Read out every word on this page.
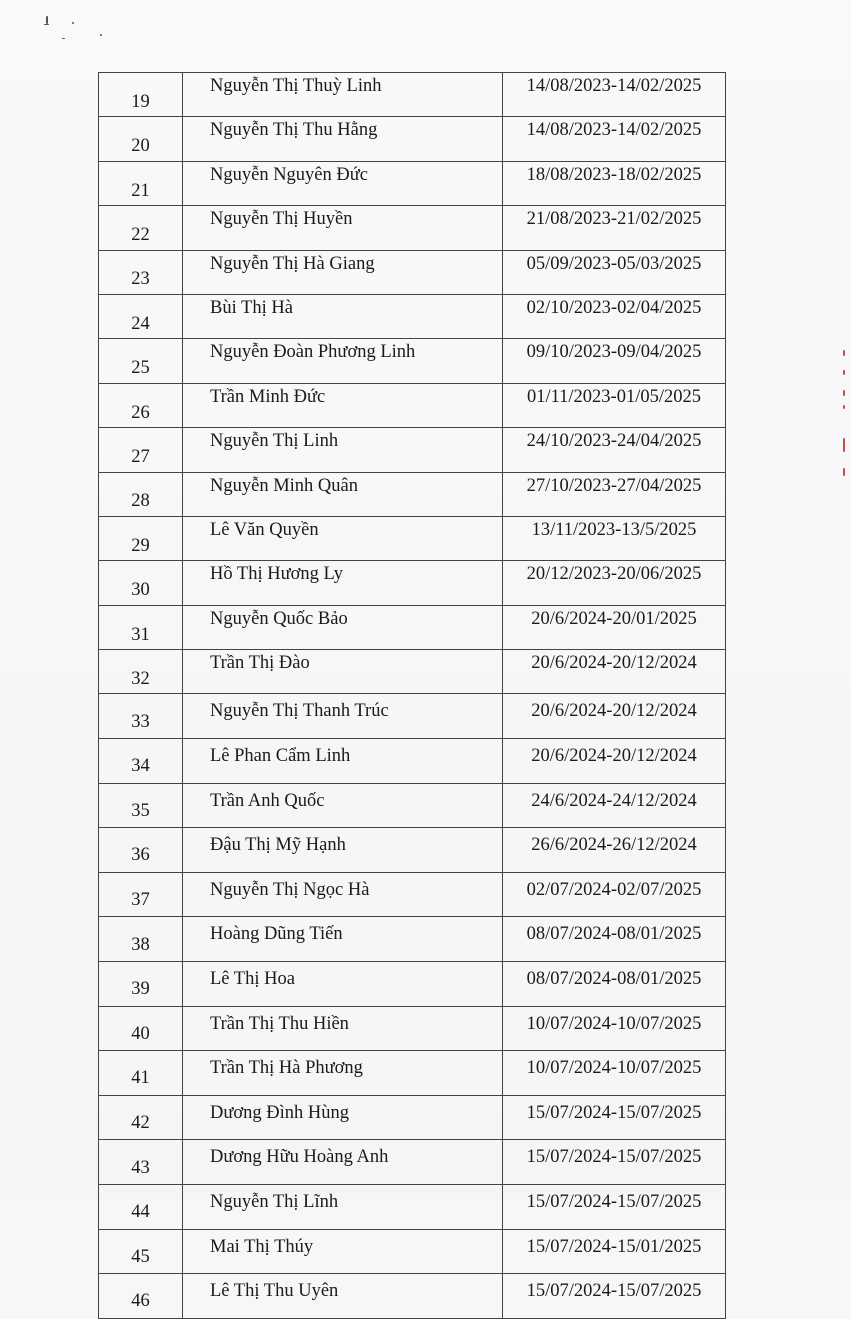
19	Nguyễn Thị Thuỳ Linh	14/08/2023-14/02/2025
20	Nguyễn Thị Thu Hằng	14/08/2023-14/02/2025
21	Nguyễn Nguyên Đức	18/08/2023-18/02/2025
22	Nguyễn Thị Huyền	21/08/2023-21/02/2025
23	Nguyễn Thị Hà Giang	05/09/2023-05/03/2025
24	Bùi Thị Hà	02/10/2023-02/04/2025
25	Nguyễn Đoàn Phương Linh	09/10/2023-09/04/2025
26	Trần Minh Đức	01/11/2023-01/05/2025
27	Nguyễn Thị Linh	24/10/2023-24/04/2025
28	Nguyễn Minh Quân	27/10/2023-27/04/2025
29	Lê Văn Quyền	13/11/2023-13/5/2025
30	Hồ Thị Hương Ly	20/12/2023-20/06/2025
31	Nguyễn Quốc Bảo	20/6/2024-20/01/2025
32	Trần Thị Đào	20/6/2024-20/12/2024
33	Nguyễn Thị Thanh Trúc	20/6/2024-20/12/2024
34	Lê Phan Cẩm Linh	20/6/2024-20/12/2024
35	Trần Anh Quốc	24/6/2024-24/12/2024
36	Đậu Thị Mỹ Hạnh	26/6/2024-26/12/2024
37	Nguyễn Thị Ngọc Hà	02/07/2024-02/07/2025
38	Hoàng Dũng Tiến	08/07/2024-08/01/2025
39	Lê Thị Hoa	08/07/2024-08/01/2025
40	Trần Thị Thu Hiền	10/07/2024-10/07/2025
41	Trần Thị Hà Phương	10/07/2024-10/07/2025
42	Dương Đình Hùng	15/07/2024-15/07/2025
43	Dương Hữu Hoàng Anh	15/07/2024-15/07/2025
44	Nguyễn Thị Lĩnh	15/07/2024-15/07/2025
45	Mai Thị Thúy	15/07/2024-15/01/2025
46	Lê Thị Thu Uyên	15/07/2024-15/07/2025
